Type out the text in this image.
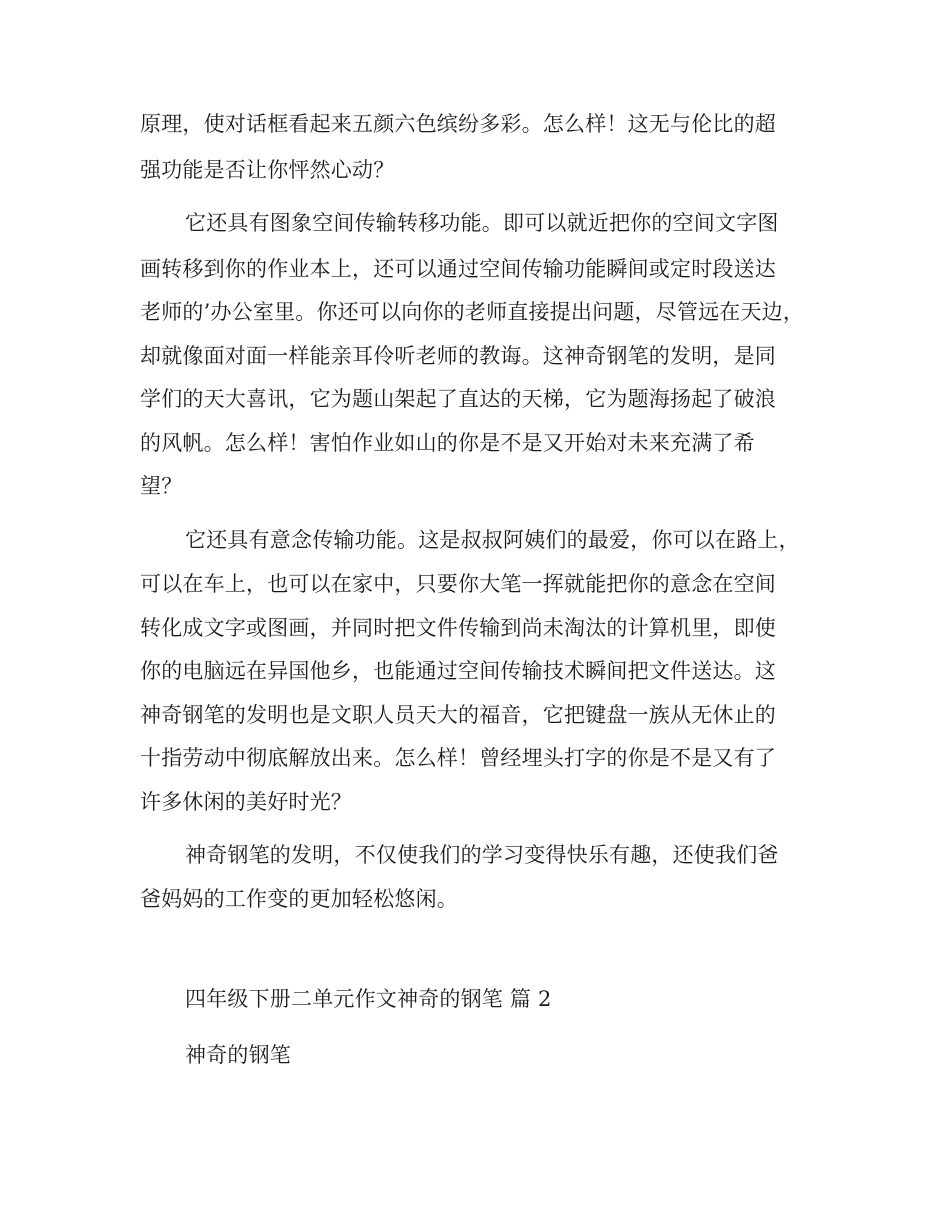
原理，使对话框看起来五颜六色缤纷多彩。怎么样！这无与伦比的超
强功能是否让你怦然心动？
它还具有图象空间传输转移功能。即可以就近把你的空间文字图
画转移到你的作业本上，还可以通过空间传输功能瞬间或定时段送达
老师的’办公室里。你还可以向你的老师直接提出问题，尽管远在天边，
却就像面对面一样能亲耳伶听老师的教诲。这神奇钢笔的发明，是同
学们的天大喜讯，它为题山架起了直达的天梯，它为题海扬起了破浪
的风帆。怎么样！害怕作业如山的你是不是又开始对未来充满了希
望？
它还具有意念传输功能。这是叔叔阿姨们的最爱，你可以在路上，
可以在车上，也可以在家中，只要你大笔一挥就能把你的意念在空间
转化成文字或图画，并同时把文件传输到尚未淘汰的计算机里，即使
你的电脑远在异国他乡，也能通过空间传输技术瞬间把文件送达。这
神奇钢笔的发明也是文职人员天大的福音，它把键盘一族从无休止的
十指劳动中彻底解放出来。怎么样！曾经埋头打字的你是不是又有了
许多休闲的美好时光？
神奇钢笔的发明，不仅使我们的学习变得快乐有趣，还使我们爸
爸妈妈的工作变的更加轻松悠闲。
四年级下册二单元作文神奇的钢笔 篇 2
神奇的钢笔
